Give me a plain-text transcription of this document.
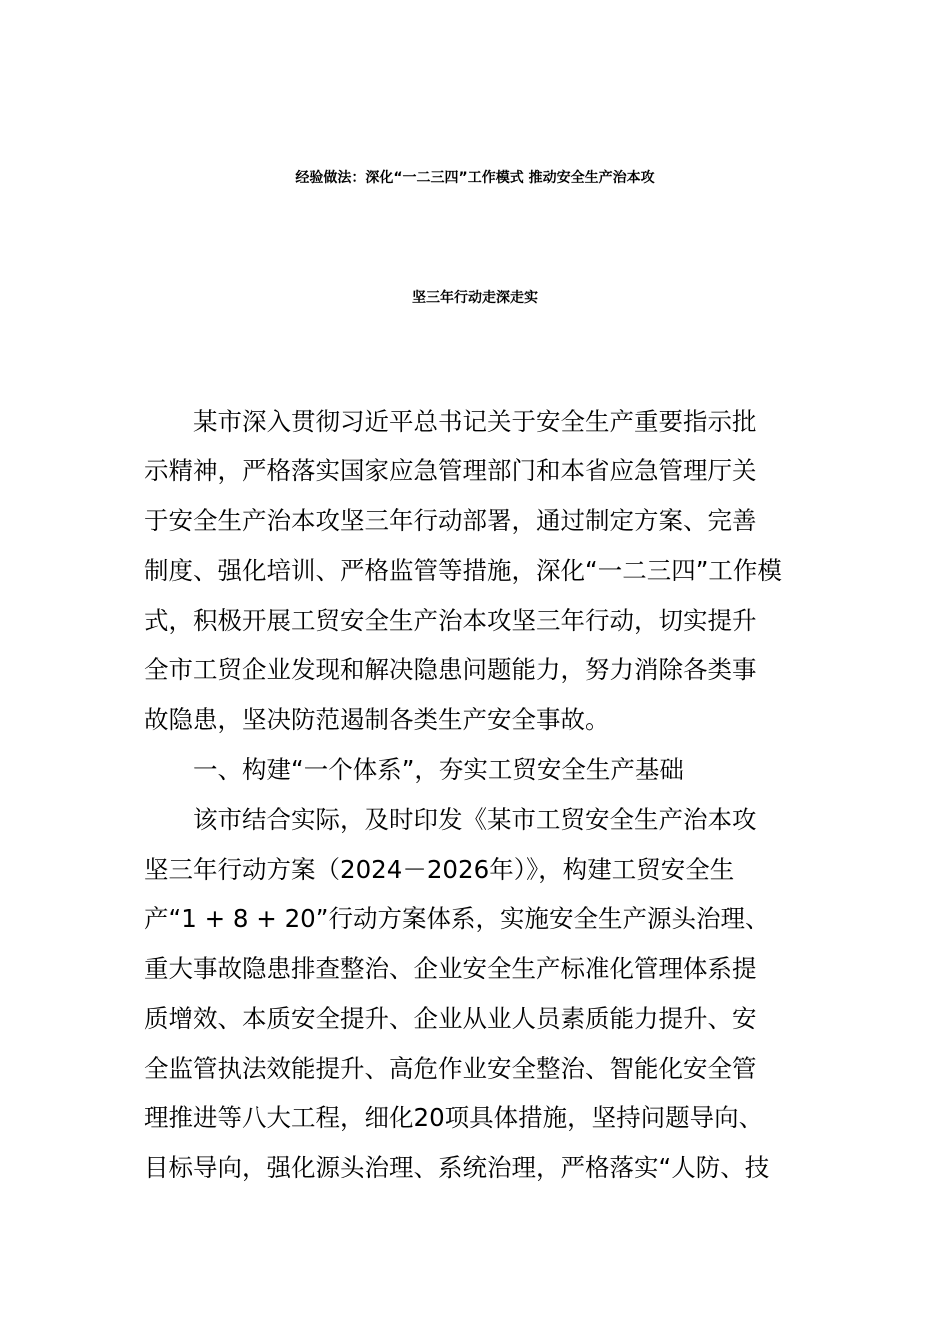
经验做法：深化“一二三四”工作模式 推动安全生产治本攻
坚三年行动走深走实

　　某市深入贯彻习近平总书记关于安全生产重要指示批

示精神，严格落实国家应急管理部门和本省应急管理厅关

于安全生产治本攻坚三年行动部署，通过制定方案、完善

制度、强化培训、严格监管等措施，深化“一二三四”工作模

式，积极开展工贸安全生产治本攻坚三年行动，切实提升

全市工贸企业发现和解决隐患问题能力，努力消除各类事

故隐患，坚决防范遏制各类生产安全事故。

　　一、构建“一个体系”，夯实工贸安全生产基础

　　该市结合实际，及时印发《某市工贸安全生产治本攻

坚三年行动方案（2024－2026年）》，构建工贸安全生

产“1 + 8 + 20”行动方案体系，实施安全生产源头治理、

重大事故隐患排查整治、企业安全生产标准化管理体系提

质增效、本质安全提升、企业从业人员素质能力提升、安

全监管执法效能提升、高危作业安全整治、智能化安全管

理推进等八大工程，细化20项具体措施，坚持问题导向、

目标导向，强化源头治理、系统治理，严格落实“人防、技
